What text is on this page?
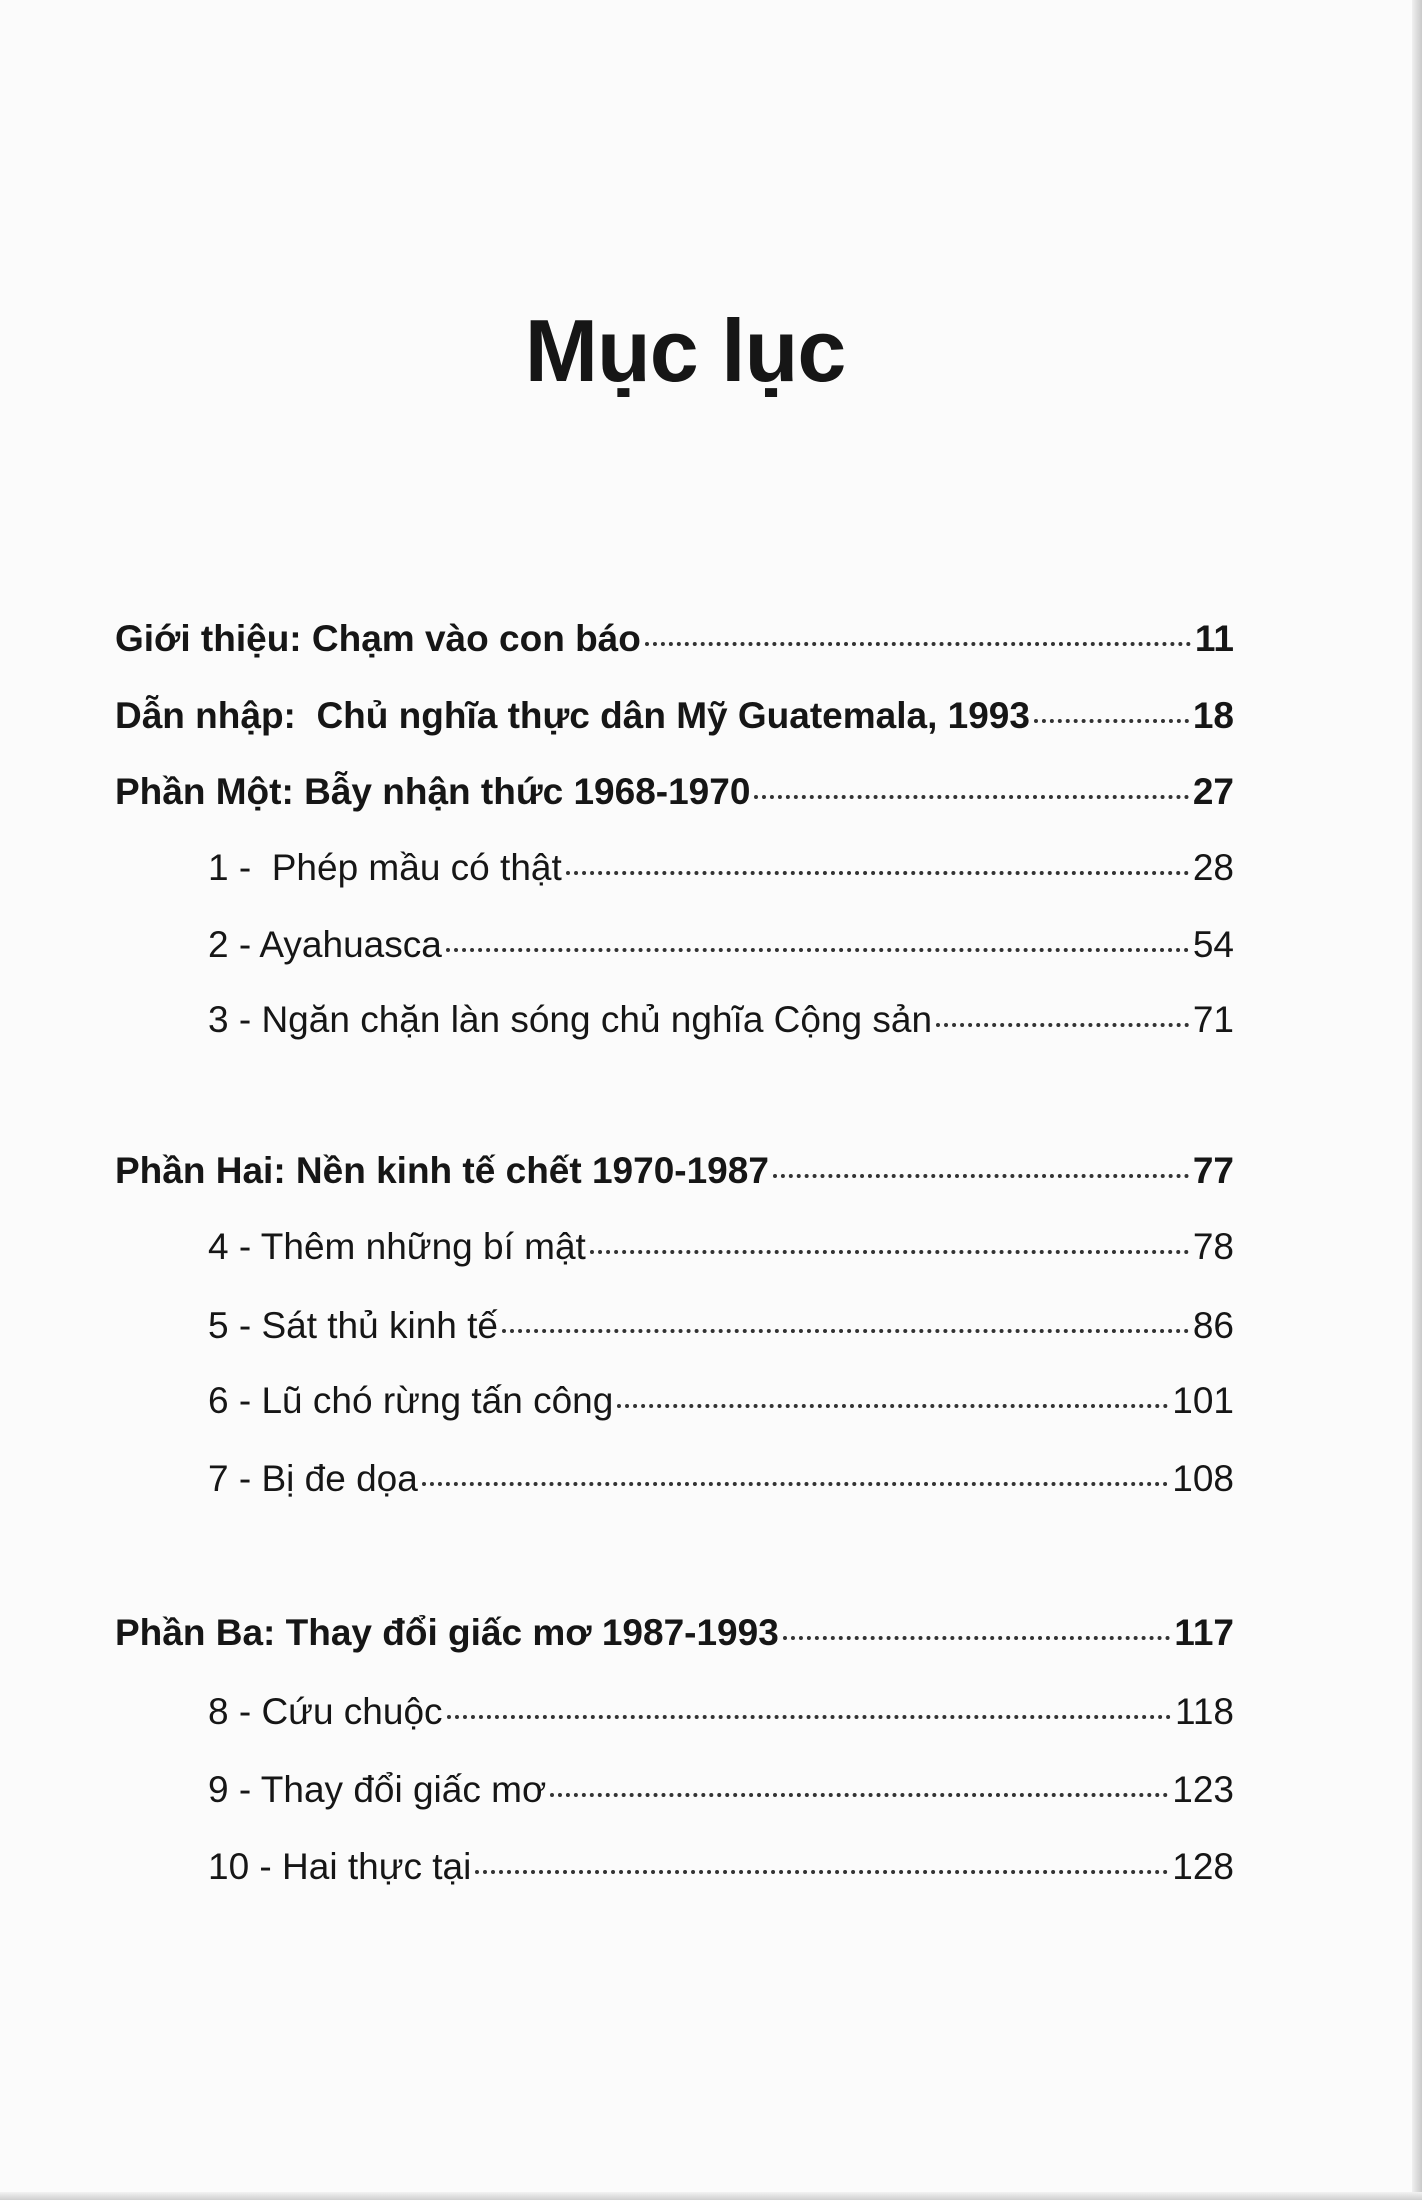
Mục lục
Giới thiệu: Chạm vào con báo	11
Dẫn nhập:  Chủ nghĩa thực dân Mỹ Guatemala, 1993	18
Phần Một: Bẫy nhận thức 1968-1970	27
1 -  Phép mầu có thật	28
2 - Ayahuasca	54
3 - Ngăn chặn làn sóng chủ nghĩa Cộng sản	71
Phần Hai: Nền kinh tế chết 1970-1987	77
4 - Thêm những bí mật	78
5 - Sát thủ kinh tế	86
6 - Lũ chó rừng tấn công	101
7 - Bị đe dọa	108
Phần Ba: Thay đổi giấc mơ 1987-1993	117
8 - Cứu chuộc	118
9 - Thay đổi giấc mơ	123
10 - Hai thực tại	128
